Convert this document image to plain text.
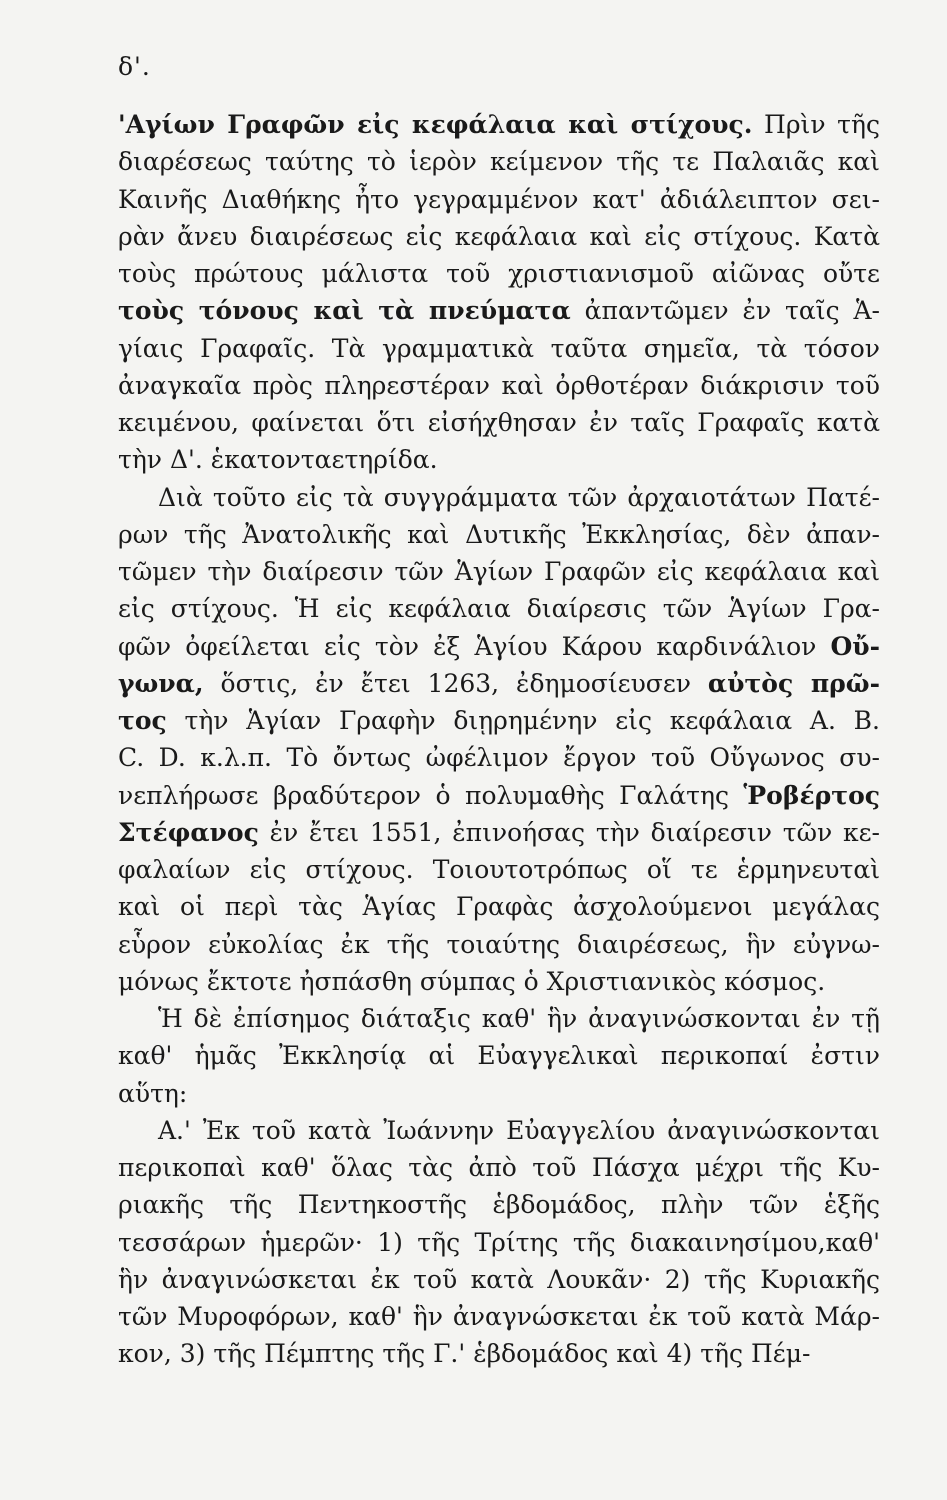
δ'.
'Αγίων Γραφῶν εἰς κεφάλαια καὶ στίχους. Πρὶν τῆς
διαρέσεως ταύτης τὸ ἱερὸν κείμενον τῆς τε Παλαιᾶς καὶ
Καινῆς Διαθήκης ἦτο γεγραμμένον κατ' ἀδιάλειπτον σει-
ρὰν ἄνευ διαιρέσεως εἰς κεφάλαια καὶ εἰς στίχους. Κατὰ
τοὺς πρώτους μάλιστα τοῦ χριστιανισμοῦ αἰῶνας οὔτε
τοὺς τόνους καὶ τὰ πνεύματα ἀπαντῶμεν ἐν ταῖς Ἁ-
γίαις Γραφαῖς. Τὰ γραμματικὰ ταῦτα σημεῖα, τὰ τόσον
ἀναγκαῖα πρὸς πληρεστέραν καὶ ὀρθοτέραν διάκρισιν τοῦ
κειμένου, φαίνεται ὅτι εἰσήχθησαν ἐν ταῖς Γραφαῖς κατὰ
τὴν Δ'. ἑκατονταετηρίδα.
Διὰ τοῦτο εἰς τὰ συγγράμματα τῶν ἀρχαιοτάτων Πατέ-
ρων τῆς Ἀνατολικῆς καὶ Δυτικῆς Ἐκκλησίας, δὲν ἀπαν-
τῶμεν τὴν διαίρεσιν τῶν Ἁγίων Γραφῶν εἰς κεφάλαια καὶ
εἰς στίχους. Ἡ εἰς κεφάλαια διαίρεσις τῶν Ἁγίων Γρα-
φῶν ὀφείλεται εἰς τὸν ἐξ Ἁγίου Κάρου καρδινάλιον Οὔ-
γωνα, ὅστις, ἐν ἔτει 1263, ἐδημοσίευσεν αὐτὸς πρῶ-
τος τὴν Ἁγίαν Γραφὴν διῃρημένην εἰς κεφάλαια Α. Β.
C. D. κ.λ.π. Τὸ ὄντως ὠφέλιμον ἔργον τοῦ Οὔγωνος συ-
νεπλήρωσε βραδύτερον ὁ πολυμαθὴς Γαλάτης Ῥοβέρτος
Στέφανος ἐν ἔτει 1551, ἐπινοήσας τὴν διαίρεσιν τῶν κε-
φαλαίων εἰς στίχους. Τοιουτοτρόπως οἵ τε ἑρμηνευταὶ
καὶ οἱ περὶ τὰς Ἁγίας Γραφὰς ἀσχολούμενοι μεγάλας
εὗρον εὐκολίας ἐκ τῆς τοιαύτης διαιρέσεως, ἣν εὐγνω-
μόνως ἔκτοτε ἠσπάσθη σύμπας ὁ Χριστιανικὸς κόσμος.
Ἡ δὲ ἐπίσημος διάταξις καθ' ἣν ἀναγινώσκονται ἐν τῇ
καθ' ἡμᾶς Ἐκκλησίᾳ αἱ Εὐαγγελικαὶ περικοπαί ἐστιν
αὕτη:
Α.' Ἐκ τοῦ κατὰ Ἰωάννην Εὐαγγελίου ἀναγινώσκονται
περικοπαὶ καθ' ὅλας τὰς ἀπὸ τοῦ Πάσχα μέχρι τῆς Κυ-
ριακῆς τῆς Πεντηκοστῆς ἑβδομάδος, πλὴν τῶν ἑξῆς
τεσσάρων ἡμερῶν· 1) τῆς Τρίτης τῆς διακαινησίμου,καθ'
ἣν ἀναγινώσκεται ἐκ τοῦ κατὰ Λουκᾶν· 2) τῆς Κυριακῆς
τῶν Μυροφόρων, καθ' ἣν ἀναγνώσκεται ἐκ τοῦ κατὰ Μάρ-
κον, 3) τῆς Πέμπτης τῆς Γ.' ἑβδομάδος καὶ 4) τῆς Πέμ-
